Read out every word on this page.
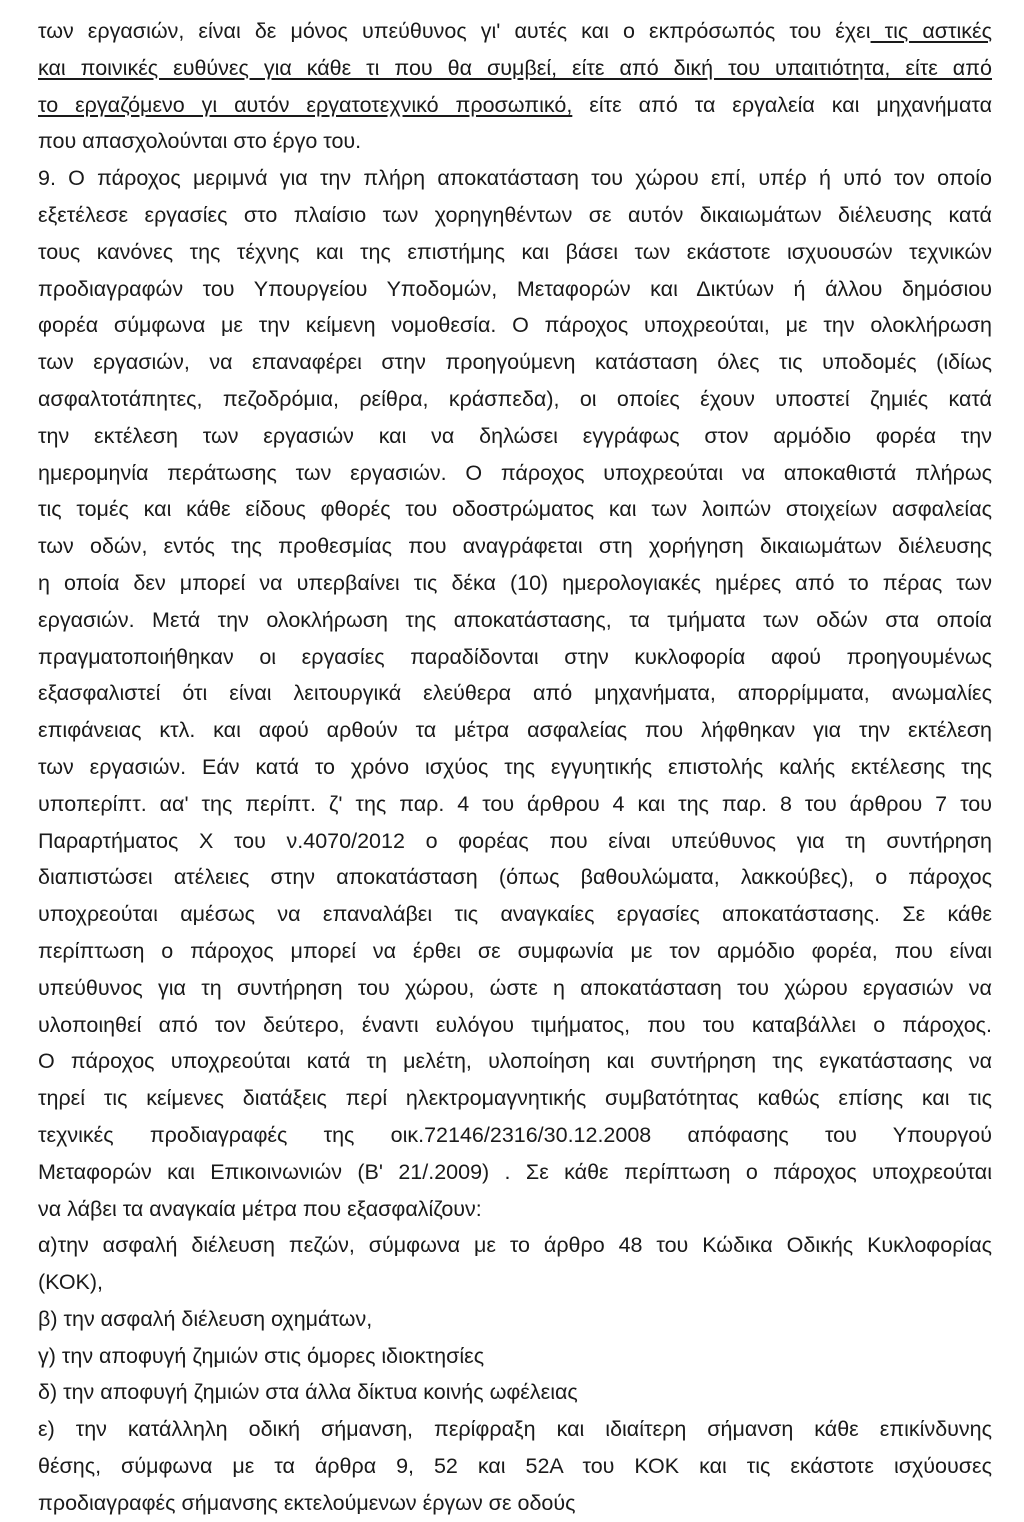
των εργασιών, είναι δε μόνος υπεύθυνος γι' αυτές και ο εκπρόσωπός του έχει τις αστικές
και ποινικές ευθύνες για κάθε τι που θα συμβεί, είτε από δική του υπαιτιότητα, είτε από
το εργαζόμενο γι αυτόν εργατοτεχνικό προσωπικό, είτε από τα εργαλεία και μηχανήματα
που απασχολούνται στο έργο του.
9. Ο πάροχος μεριμνά για την πλήρη αποκατάσταση του χώρου επί, υπέρ ή υπό τον οποίο
εξετέλεσε εργασίες στο πλαίσιο των χορηγηθέντων σε αυτόν δικαιωμάτων διέλευσης κατά
τους κανόνες της τέχνης και της επιστήμης και βάσει των εκάστοτε ισχυουσών τεχνικών
προδιαγραφών του Υπουργείου Υποδομών, Μεταφορών και Δικτύων ή άλλου δημόσιου
φορέα σύμφωνα με την κείμενη νομοθεσία. Ο πάροχος υποχρεούται, με την ολοκλήρωση
των εργασιών, να επαναφέρει στην προηγούμενη κατάσταση όλες τις υποδομές (ιδίως
ασφαλτοτάπητες, πεζοδρόμια, ρείθρα, κράσπεδα), οι οποίες έχουν υποστεί ζημιές κατά
την εκτέλεση των εργασιών και να δηλώσει εγγράφως στον αρμόδιο φορέα την
ημερομηνία περάτωσης των εργασιών. Ο πάροχος υποχρεούται να αποκαθιστά πλήρως
τις τομές και κάθε είδους φθορές του οδοστρώματος και των λοιπών στοιχείων ασφαλείας
των οδών, εντός της προθεσμίας που αναγράφεται στη χορήγηση δικαιωμάτων διέλευσης
η οποία δεν μπορεί να υπερβαίνει τις δέκα (10) ημερολογιακές ημέρες από το πέρας των
εργασιών. Μετά την ολοκλήρωση της αποκατάστασης, τα τμήματα των οδών στα οποία
πραγματοποιήθηκαν οι εργασίες παραδίδονται στην κυκλοφορία αφού προηγουμένως
εξασφαλιστεί ότι είναι λειτουργικά ελεύθερα από μηχανήματα, απορρίμματα, ανωμαλίες
επιφάνειας κτλ. και αφού αρθούν τα μέτρα ασφαλείας που λήφθηκαν για την εκτέλεση
των εργασιών. Εάν κατά το χρόνο ισχύος της εγγυητικής επιστολής καλής εκτέλεσης της
υποπερίπτ. αα' της περίπτ. ζ' της παρ. 4 του άρθρου 4 και της παρ. 8 του άρθρου 7 του
Παραρτήματος Χ του ν.4070/2012 ο φορέας που είναι υπεύθυνος για τη συντήρηση
διαπιστώσει ατέλειες στην αποκατάσταση (όπως βαθουλώματα, λακκούβες), ο πάροχος
υποχρεούται αμέσως να επαναλάβει τις αναγκαίες εργασίες αποκατάστασης. Σε κάθε
περίπτωση ο πάροχος μπορεί να έρθει σε συμφωνία με τον αρμόδιο φορέα, που είναι
υπεύθυνος για τη συντήρηση του χώρου, ώστε η αποκατάσταση του χώρου εργασιών να
υλοποιηθεί από τον δεύτερο, έναντι ευλόγου τιμήματος, που του καταβάλλει ο πάροχος.
Ο πάροχος υποχρεούται κατά τη μελέτη, υλοποίηση και συντήρηση της εγκατάστασης να
τηρεί τις κείμενες διατάξεις περί ηλεκτρομαγνητικής συμβατότητας καθώς επίσης και τις
τεχνικές προδιαγραφές της οικ.72146/2316/30.12.2008 απόφασης του Υπουργού
Μεταφορών και Επικοινωνιών (Β' 21/.2009) . Σε κάθε περίπτωση ο πάροχος υποχρεούται
να λάβει τα αναγκαία μέτρα που εξασφαλίζουν:
α)την ασφαλή διέλευση πεζών, σύμφωνα με το άρθρο 48 του Κώδικα Οδικής Κυκλοφορίας
(ΚΟΚ),
β) την ασφαλή διέλευση οχημάτων,
γ) την αποφυγή ζημιών στις όμορες ιδιοκτησίες
δ) την αποφυγή ζημιών στα άλλα δίκτυα κοινής ωφέλειας
ε) την κατάλληλη οδική σήμανση, περίφραξη και ιδιαίτερη σήμανση κάθε επικίνδυνης
θέσης, σύμφωνα με τα άρθρα 9, 52 και 52Α του ΚΟΚ και τις εκάστοτε ισχύουσες
προδιαγραφές σήμανσης εκτελούμενων έργων σε οδούς
